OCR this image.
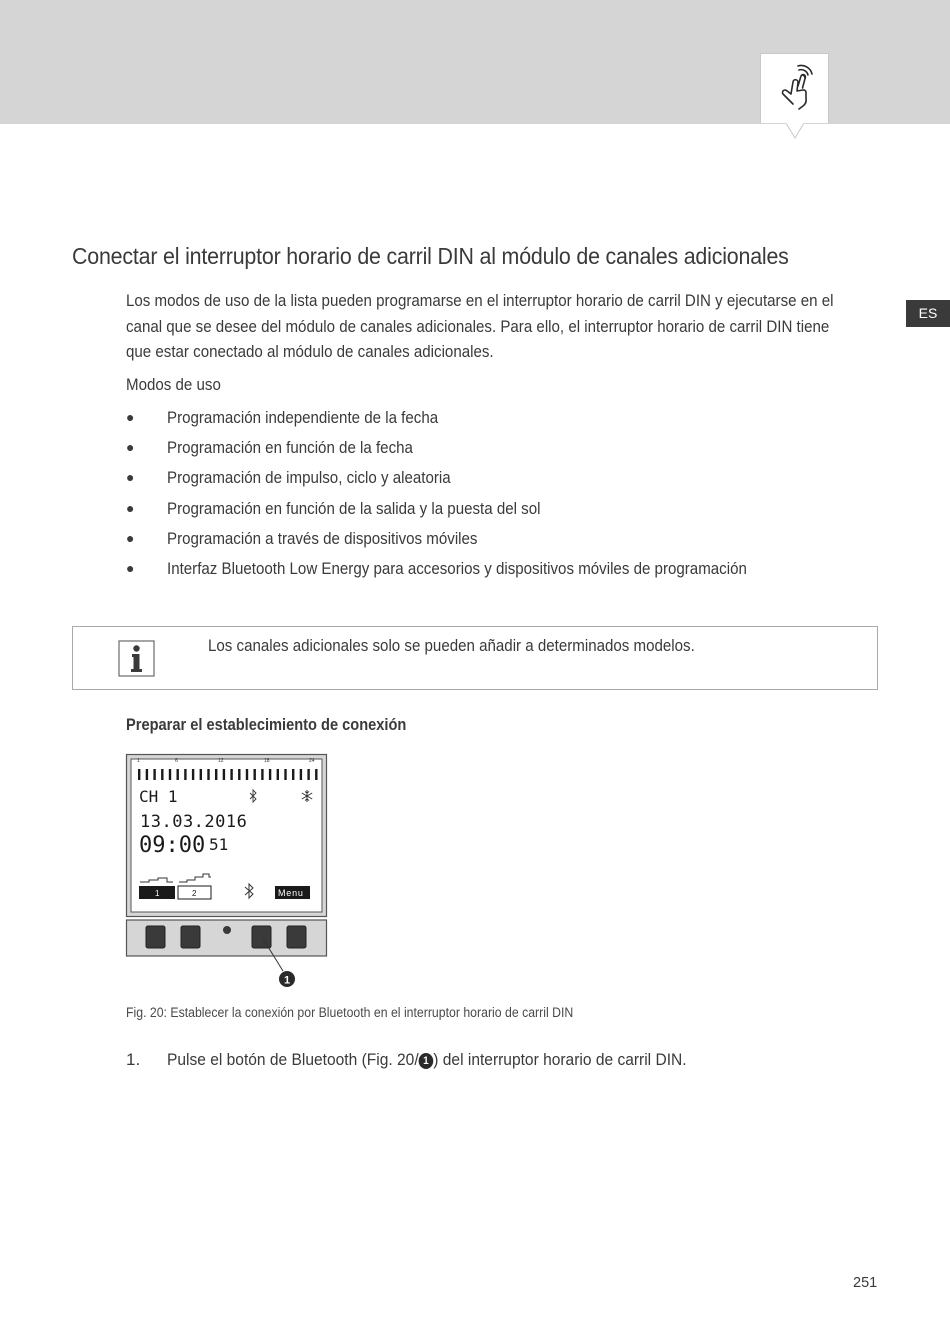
ES
Conectar el interruptor horario de carril DIN al módulo de canales adicionales

Los modos de uso de la lista pueden programarse en el interruptor horario de carril DIN y ejecutarse en el canal que se desee del módulo de canales adicionales. Para ello, el interruptor horario de carril DIN tiene que estar conectado al módulo de canales adicionales.

Modos de uso
● Programación independiente de la fecha
● Programación en función de la fecha
● Programación de impulso, ciclo y aleatoria
● Programación en función de la salida y la puesta del sol
● Programación a través de dispositivos móviles
● Interfaz Bluetooth Low Energy para accesorios y dispositivos móviles de programación
Los canales adicionales solo se pueden añadir a determinados modelos.
Preparar el establecimiento de conexión
1	6	12	18	24
CH 1
13.03.2016
09:00 51
1	2	Menu
1
Fig. 20: Establecer la conexión por Bluetooth en el interruptor horario de carril DIN
1. Pulse el botón de Bluetooth (Fig. 20/ 1 ) del interruptor horario de carril DIN.
251
